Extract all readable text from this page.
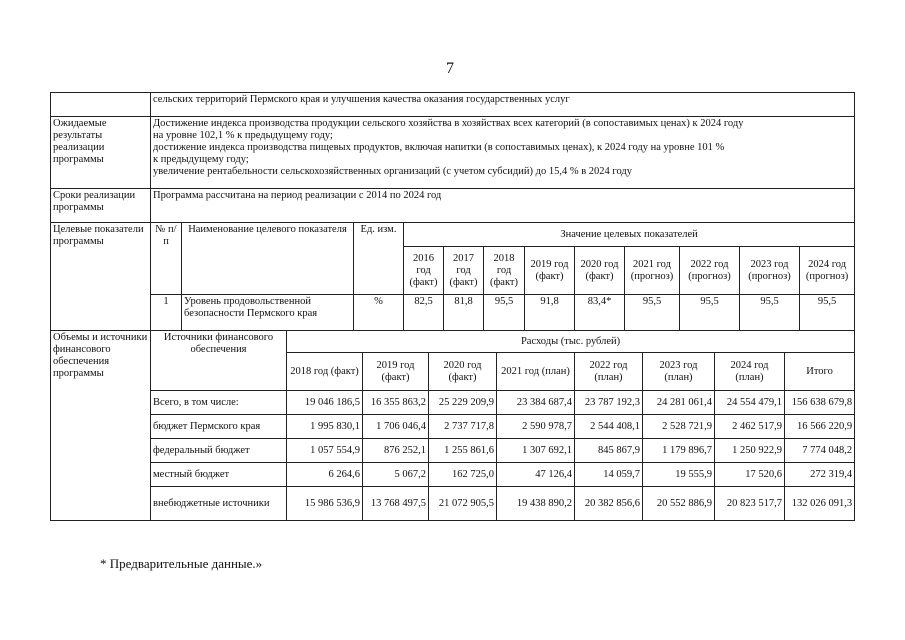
7
	сельских территорий Пермского края и улучшения качества оказания государственных услуг
Ожидаемые результаты реализации программы	Достижение индекса производства продукции сельского хозяйства в хозяйствах всех категорий (в сопоставимых ценах) к 2024 году
на уровне 102,1 % к предыдущему году;
достижение индекса производства пищевых продуктов, включая напитки (в сопоставимых ценах), к 2024 году на уровне 101 %
к предыдущему году;
увеличение рентабельности сельскохозяйственных организаций (с учетом субсидий) до 15,4 % в 2024 году

Сроки реализации программы	Программа рассчитана на период реализации с 2014 по 2024 год
Целевые показатели программы	№ п/п	Наименование целевого показателя	Ед. изм.	Значение целевых показателей								
				2016 год (факт)	2017 год (факт)	2018 год (факт)	2019 год (факт)	2020 год (факт)	2021 год (прогноз)	2022 год (прогноз)	2023 год (прогноз)	2024 год (прогноз)
	1	Уровень продовольственной безопасности Пермского края	%	82,5	81,8	95,5	91,8	83,4*	95,5	95,5	95,5	95,5
Объемы и источники финансового обеспечения программы	Источники финансового обеспечения	Расходы (тыс. рублей)							
		2018 год (факт)	2019 год (факт)	2020 год (факт)	2021 год (план)	2022 год (план)	2023 год (план)	2024 год (план)	Итого
	Всего, в том числе:	19 046 186,5	16 355 863,2	25 229 209,9	23 384 687,4	23 787 192,3	24 281 061,4	24 554 479,1	156 638 679,8
	бюджет Пермского края	1 995 830,1	1 706 046,4	2 737 717,8	2 590 978,7	2 544 408,1	2 528 721,9	2 462 517,9	16 566 220,9
	федеральный бюджет	1 057 554,9	876 252,1	1 255 861,6	1 307 692,1	845 867,9	1 179 896,7	1 250 922,9	7 774 048,2
	местный бюджет	6 264,6	5 067,2	162 725,0	47 126,4	14 059,7	19 555,9	17 520,6	272 319,4
	внебюджетные источники	15 986 536,9	13 768 497,5	21 072 905,5	19 438 890,2	20 382 856,6	20 552 886,9	20 823 517,7	132 026 091,3
* Предварительные данные.»
